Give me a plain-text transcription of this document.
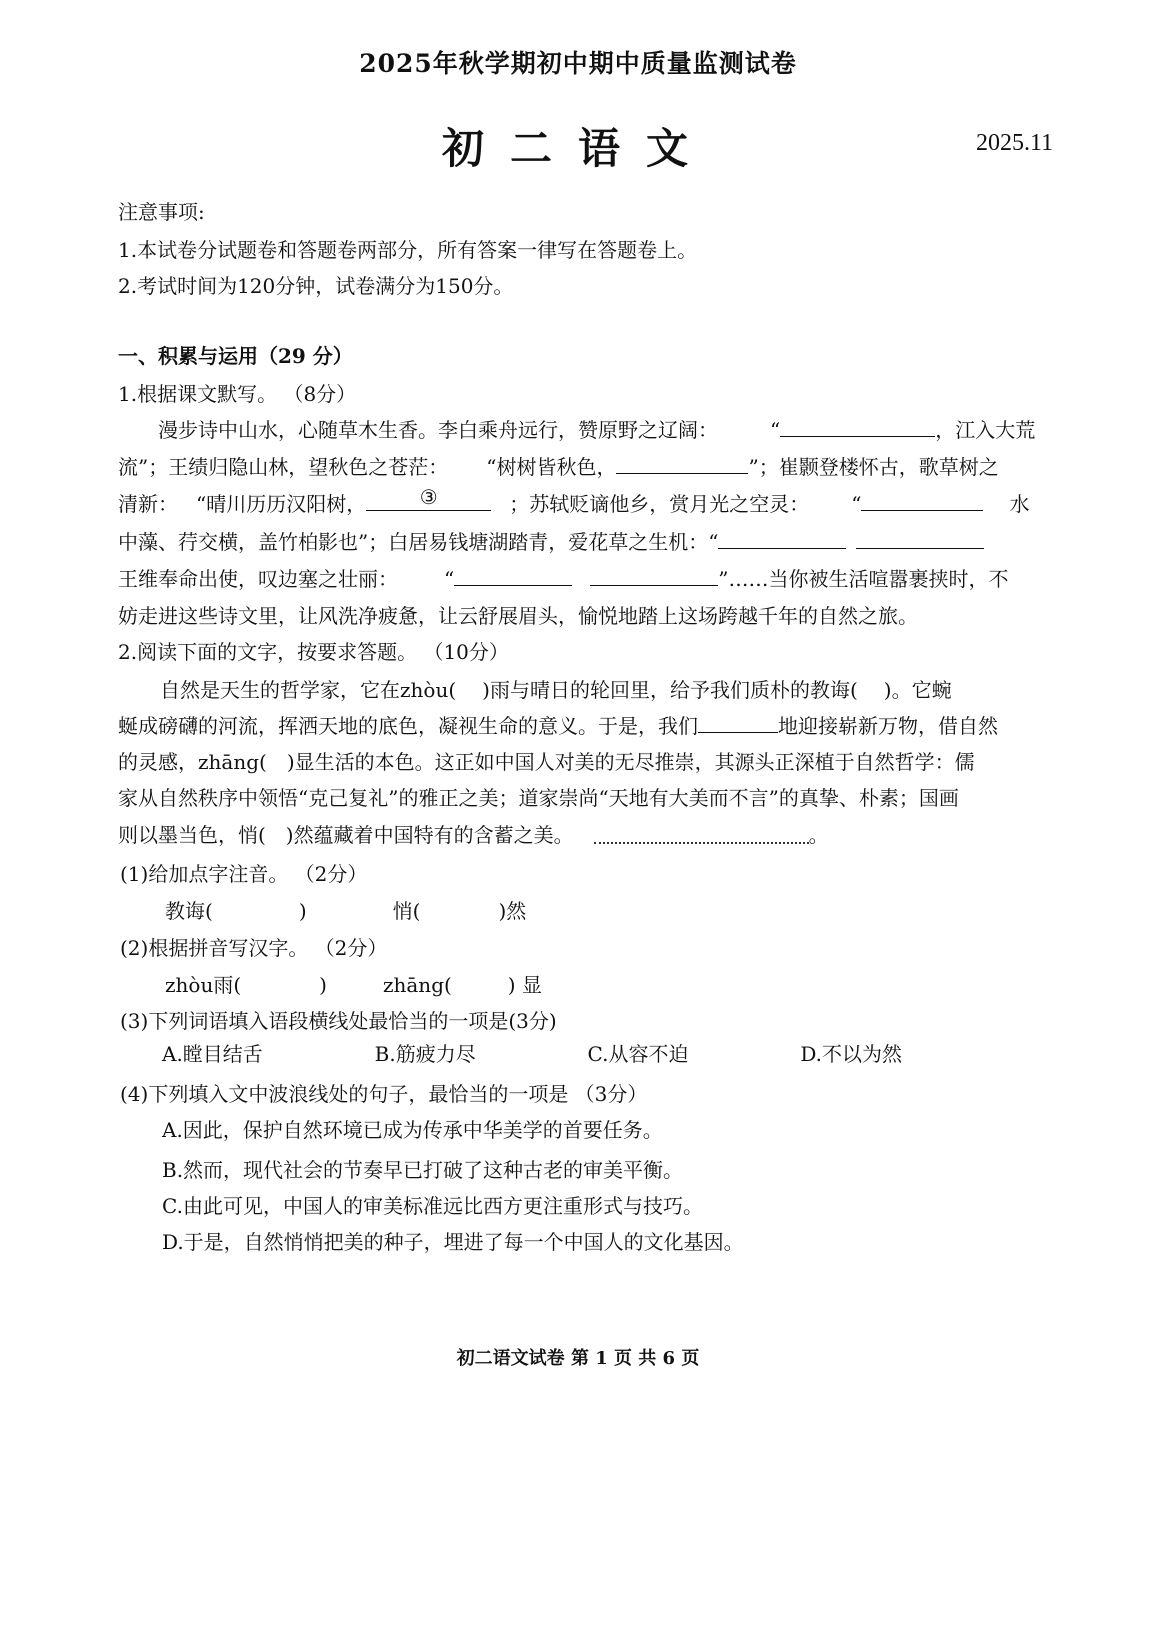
2025年秋学期初中期中质量监测试卷
初二语文	2025.11
注意事项:
1.本试卷分试题卷和答题卷两部分，所有答案一律写在答题卷上。
2.考试时间为120分钟，试卷满分为150分。
一、积累与运用（29 分）
1.根据课文默写。 （8分）
漫步诗中山水，心随草木生香。李白乘舟远行，赞原野之辽阔：	“	，江入大荒
流”；王绩归隐山林，望秋色之苍茫： “树树皆秋色，	”；崔颢登楼怀古，歌草树之
清新： “晴川历历汉阳树，	③	；苏轼贬谪他乡，赏月光之空灵： “	水
中藻、荇交横，盖竹柏影也”；白居易钱塘湖踏青，爱花草之生机：“
王维奉命出使，叹边塞之壮丽： “	”……当你被生活喧嚣裹挟时，不
妨走进这些诗文里，让风洗净疲惫，让云舒展眉头，愉悦地踏上这场跨越千年的自然之旅。
2.阅读下面的文字，按要求答题。 （10分）
自然是天生的哲学家，它在zhòu( )雨与晴日的轮回里，给予我们质朴的教诲( )。它蜿
蜒成磅礴的河流，挥洒天地的底色，凝视生命的意义。于是，我们	地迎接崭新万物，借自然
的灵感，zhāng(　)显生活的本色。这正如中国人对美的无尽推崇，其源头正深植于自然哲学：儒
家从自然秩序中领悟“克己复礼”的雅正之美；道家崇尚“天地有大美而不言”的真挚、朴素；国画
则以墨当色，悄(　)然蕴藏着中国特有的含蓄之美。	。
(1)给加点字注音。 （2分）
教诲(	)	悄(	)然
(2)根据拼音写汉字。 （2分）
zhòu雨(	)	zhāng(	) 显
(3)下列词语填入语段横线处最恰当的一项是(3分)
A.瞠目结舌	B.筋疲力尽	C.从容不迫	D.不以为然
(4)下列填入文中波浪线处的句子，最恰当的一项是 （3分）
A.因此，保护自然环境已成为传承中华美学的首要任务。
B.然而，现代社会的节奏早已打破了这种古老的审美平衡。
C.由此可见，中国人的审美标准远比西方更注重形式与技巧。
D.于是，自然悄悄把美的种子，埋进了每一个中国人的文化基因。
初二语文试卷 第 1 页 共 6 页
